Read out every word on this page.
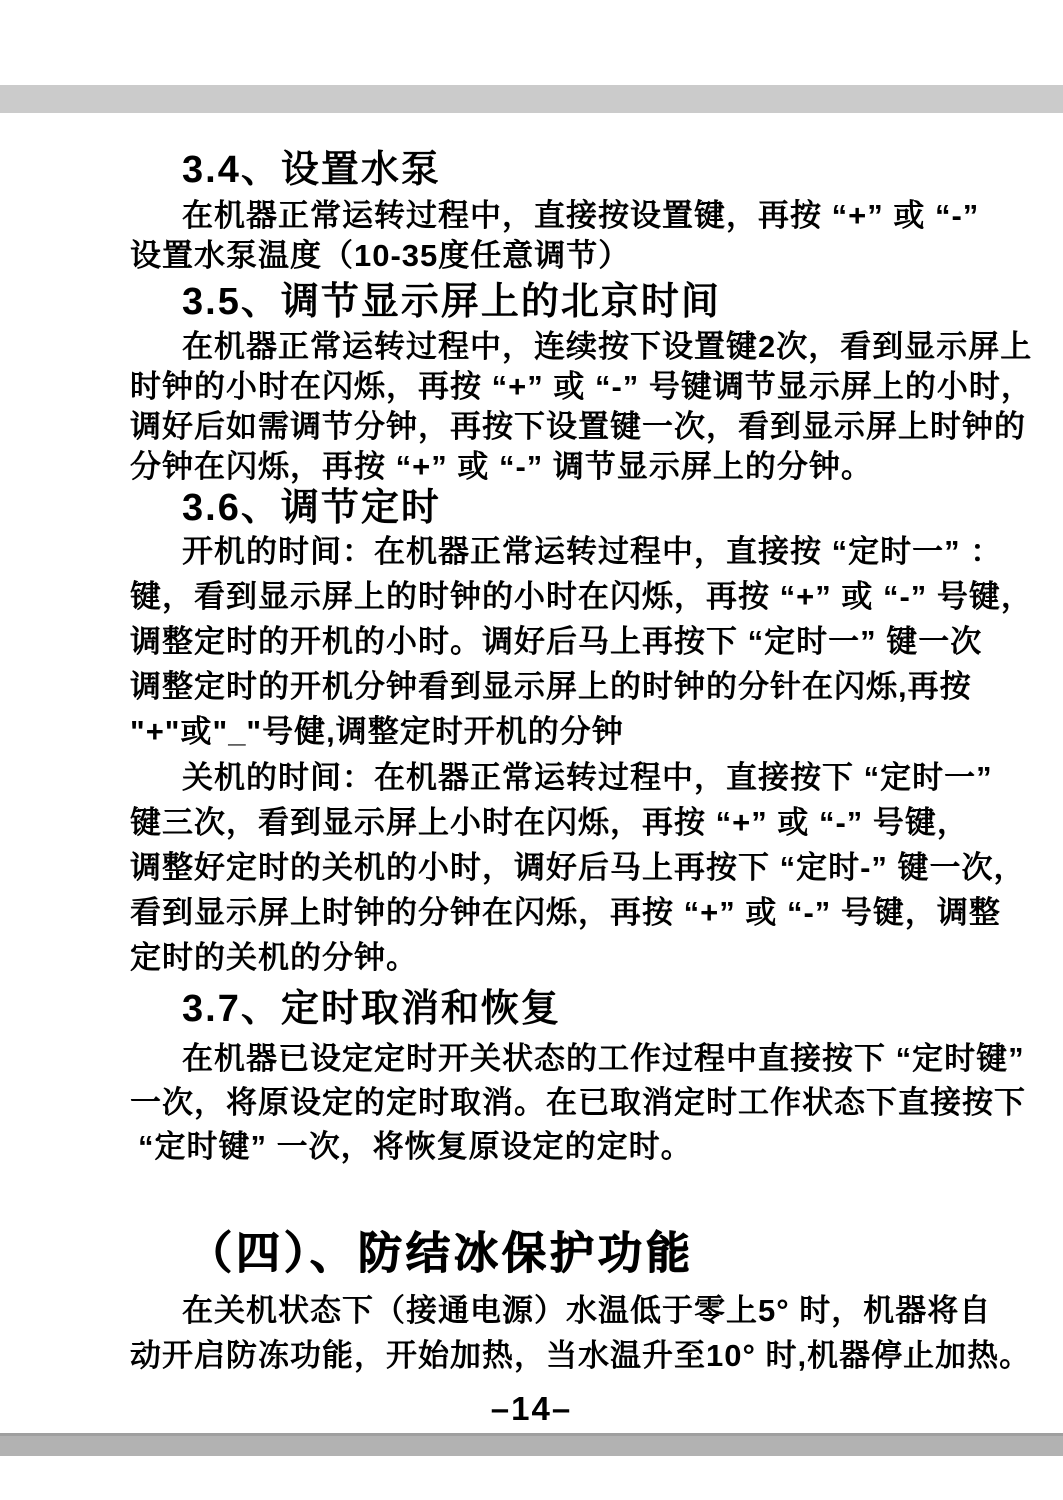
3.4、设置水泵
在机器正常运转过程中，直接按设置键，再按 “+” 或 “-”
设置水泵温度（10-35度任意调节）
3.5、调节显示屏上的北京时间
在机器正常运转过程中，连续按下设置键2次，看到显示屏上
时钟的小时在闪烁，再按 “+” 或 “-” 号键调节显示屏上的小时，
调好后如需调节分钟，再按下设置键一次，看到显示屏上时钟的
分钟在闪烁，再按 “+” 或 “-” 调节显示屏上的分钟。
3.6、调节定时
开机的时间：在机器正常运转过程中，直接按 “定时一” ：
键，看到显示屏上的时钟的小时在闪烁，再按 “+” 或 “-” 号键，
调整定时的开机的小时。调好后马上再按下 “定时一” 键一次
调整定时的开机分钟看到显示屏上的时钟的分针在闪烁,再按
"+"或"_"号健,调整定时开机的分钟
关机的时间：在机器正常运转过程中，直接按下 “定时一”
键三次，看到显示屏上小时在闪烁，再按 “+” 或 “-” 号键，
调整好定时的关机的小时，调好后马上再按下 “定时-” 键一次，
看到显示屏上时钟的分钟在闪烁，再按 “+” 或 “-” 号键，调整
定时的关机的分钟。
3.7、定时取消和恢复
在机器已设定定时开关状态的工作过程中直接按下 “定时键”
一次，将原设定的定时取消。在已取消定时工作状态下直接按下
“定时键” 一次，将恢复原设定的定时。
（四）、防结冰保护功能
在关机状态下（接通电源）水温低于零上5° 时，机器将自
动开启防冻功能，开始加热，当水温升至10° 时,机器停止加热。
–14–
